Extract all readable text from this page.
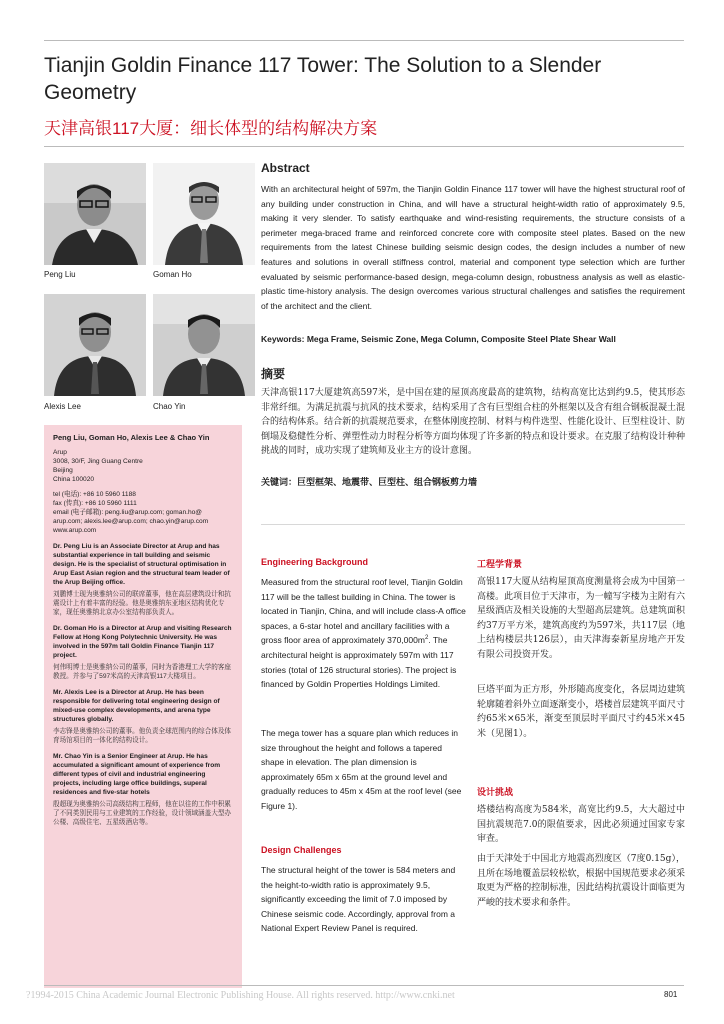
Tianjin Goldin Finance 117 Tower: The Solution to a Slender Geometry
天津高银117大厦：细长体型的结构解决方案
Peng Liu	Goman Ho
Alexis Lee	Chao Yin
Peng Liu, Goman Ho, Alexis Lee & Chao Yin
Arup
3008, 30/F, Jing Guang Centre
Beijing
China 100020
tel (电话): +86 10 5960 1188
fax (传真): +86 10 5960 1111
email (电子邮箱): peng.liu@arup.com; goman.ho@
arup.com; alexis.lee@arup.com; chao.yin@arup.com
www.arup.com
Dr. Peng Liu is an Associate Director at Arup and has substantial experience in tall building and seismic design. He is the specialist of structural optimisation in Arup East Asian region and the structural team leader of the Arup Beijing office.
刘鹏博士现为奥雅纳公司的联席董事，他在高层建筑设计和抗震设计上有着丰富的经验。他是奥雅纳东亚地区结构优化专家，现任奥雅纳北京办公室结构部负责人。
Dr. Goman Ho is a Director at Arup and visiting Research Fellow at Hong Kong Polytechnic University. He was involved in the 597m tall Goldin Finance Tianjin 117 project.
何伟明博士是奥雅纳公司的董事，同时为香港理工大学的客座教授。并参与了597米高的天津高银117大楼项目。
Mr. Alexis Lee is a Director at Arup. He has been responsible for delivering total engineering design of mixed-use complex developments, and arena type structures globally.
李志锋是奥雅纳公司的董事。他负责全球范围内的综合体及体育场馆项目的一体化的结构设计。
Mr. Chao Yin is a Senior Engineer at Arup. He has accumulated a significant amount of experience from different types of civil and industrial engineering projects, including large office buildings, superal residences and five-star hotels
殷超现为奥雅纳公司高级结构工程师，他在以往的工作中积累了不同类别民用与工业建筑的工作经验，设计领域涵盖大型办公楼、高级住宅、五星级酒店等。
Abstract

With an architectural height of 597m, the Tianjin Goldin Finance 117 tower will have the highest structural roof of any building under construction in China, and will have a structural height-width ratio of approximately 9.5, making it very slender. To satisfy earthquake and wind-resisting requirements, the structure consists of a perimeter mega-braced frame and reinforced concrete core with composite steel plates. Based on the new requirements from the latest Chinese building seismic design codes, the design includes a number of new features and solutions in overall stiffness control, material and component type selection which are further evaluated by seismic performance-based design, mega-column design, robustness analysis as well as elastic-plastic time-history analysis. The design overcomes various structural challenges and satisfies the requirement of the architect and the client.

Keywords: Mega Frame, Seismic Zone, Mega Column, Composite Steel Plate Shear Wall

摘要

天津高银117大厦建筑高597米，是中国在建的屋顶高度最高的建筑物，结构高宽比达到约9.5，使其形态非常纤细。为满足抗震与抗风的技术要求，结构采用了含有巨型组合柱的外框架以及含有组合钢板混凝土混合的结构体系。结合新的抗震规范要求，在整体刚度控制、材料与构件选型、性能化设计、巨型柱设计、防倒塌及稳健性分析、弹塑性动力时程分析等方面均体现了许多新的特点和设计要求。在克服了结构设计种种挑战的同时，成功实现了建筑师及业主方的设计意图。

关键词：巨型框架、地震带、巨型柱、组合钢板剪力墙

Engineering Background

Measured from the structural roof level, Tianjin Goldin 117 will be the tallest building in China. The tower is located in Tianjin, China, and will include class-A office spaces, a 6-star hotel and ancillary facilities with a gross floor area of approximately $370,000m^2$. The architectural height is approximately 597m with 117 stories (total of 126 structural stories). The project is financed by Goldin Properties Holdings Limited.

The mega tower has a square plan which reduces in size throughout the height and follows a tapered shape in elevation. The plan dimension is approximately 65m x 65m at the ground level and gradually reduces to 45m x 45m at the roof level (see Figure 1).

Design Challenges

The structural height of the tower is 584 meters and the height-to-width ratio is approximately 9.5, significantly exceeding the limit of 7.0 imposed by Chinese seismic code. Accordingly, approval from a National Expert Review Panel is required.

工程学背景

高银117大厦从结构屋顶高度测量将会成为中国第一高楼。此项目位于天津市，为一幢写字楼为主附有六星级酒店及相关设施的大型超高层建筑。总建筑面积约37万平方米，建筑高度约为597米，共117层（地上结构楼层共126层），由天津海泰新星房地产开发有限公司投资开发。

巨塔平面为正方形，外形随高度变化，各层周边建筑轮廓随着斜外立面逐渐变小，塔楼首层建筑平面尺寸约65米×65米，渐变至顶层时平面尺寸约45米×45米（见图1）。

设计挑战

塔楼结构高度为584米，高宽比约9.5，大大超过中国抗震规范7.0的限值要求，因此必须通过国家专家审查。

由于天津处于中国北方地震高烈度区（7度0.15g），且所在场地覆盖层较松软，根据中国规范要求必须采取更为严格的控制标准，因此结构抗震设计面临更为严峻的技术要求和条件。

?1994-2015 China Academic Journal Electronic Publishing House. All rights reserved. http://www.cnki.net	801
